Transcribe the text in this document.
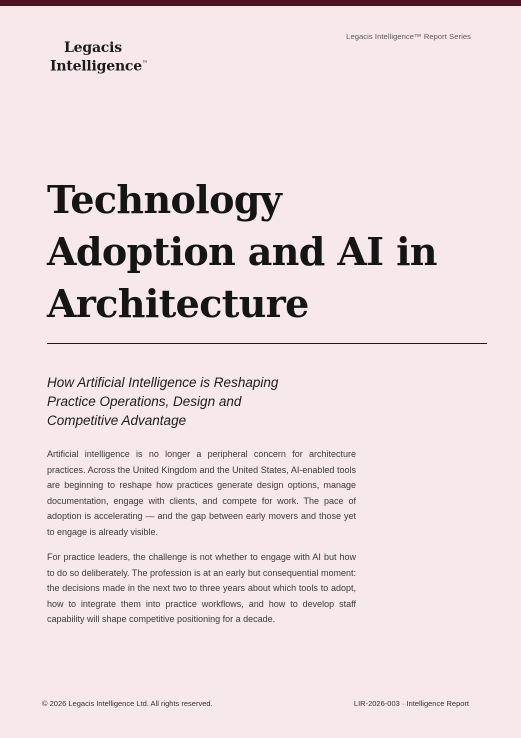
Legacis Intelligence™ Report Series
Legacis
Intelligence™
Technology
Adoption and AI in
Architecture
How Artificial Intelligence is Reshaping
Practice Operations, Design and
Competitive Advantage

Artificial intelligence is no longer a peripheral concern for architecture practices. Across the United Kingdom and the United States, AI-enabled tools are beginning to reshape how practices generate design options, manage documentation, engage with clients, and compete for work. The pace of adoption is accelerating — and the gap between early movers and those yet to engage is already visible.

For practice leaders, the challenge is not whether to engage with AI but how to do so deliberately. The profession is at an early but consequential moment: the decisions made in the next two to three years about which tools to adopt, how to integrate them into practice workflows, and how to develop staff capability will shape competitive positioning for a decade.

© 2026 Legacis Intelligence Ltd. All rights reserved.	LIR-2026-003 · Intelligence Report
